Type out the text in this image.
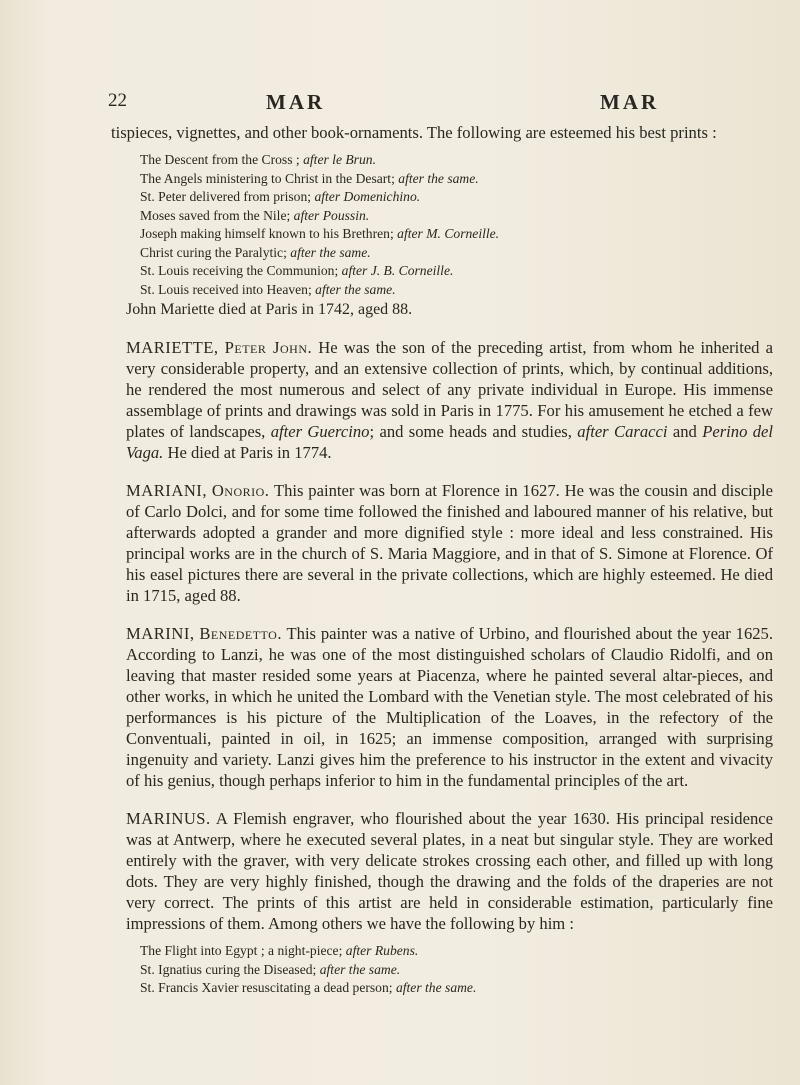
22	MAR	MAR

tispieces, vignettes, and other book-ornaments. The following are esteemed his best prints :

The Descent from the Cross ; after le Brun.
The Angels ministering to Christ in the Desart; after the same.
St. Peter delivered from prison; after Domenichino.
Moses saved from the Nile; after Poussin.
Joseph making himself known to his Brethren; after M. Corneille.
Christ curing the Paralytic; after the same.
St. Louis receiving the Communion; after J. B. Corneille.
St. Louis received into Heaven; after the same.

John Mariette died at Paris in 1742, aged 88.

MARIETTE, Peter John. He was the son of the preceding artist, from whom he inherited a very considerable property, and an extensive collection of prints, which, by continual additions, he rendered the most numerous and select of any private individual in Europe. His immense assemblage of prints and drawings was sold in Paris in 1775. For his amusement he etched a few plates of landscapes, after Guercino; and some heads and studies, after Caracci and Perino del Vaga. He died at Paris in 1774.

MARIANI, Onorio. This painter was born at Florence in 1627. He was the cousin and disciple of Carlo Dolci, and for some time followed the finished and laboured manner of his relative, but afterwards adopted a grander and more dignified style : more ideal and less constrained. His principal works are in the church of S. Maria Maggiore, and in that of S. Simone at Florence. Of his easel pictures there are several in the private collections, which are highly esteemed. He died in 1715, aged 88.

MARINI, Benedetto. This painter was a native of Urbino, and flourished about the year 1625. According to Lanzi, he was one of the most distinguished scholars of Claudio Ridolfi, and on leaving that master resided some years at Piacenza, where he painted several altar-pieces, and other works, in which he united the Lombard with the Venetian style. The most celebrated of his performances is his picture of the Multiplication of the Loaves, in the refectory of the Conventuali, painted in oil, in 1625; an immense composition, arranged with surprising ingenuity and variety. Lanzi gives him the preference to his instructor in the extent and vivacity of his genius, though perhaps inferior to him in the fundamental principles of the art.

MARINUS. A Flemish engraver, who flourished about the year 1630. His principal residence was at Antwerp, where he executed several plates, in a neat but singular style. They are worked entirely with the graver, with very delicate strokes crossing each other, and filled up with long dots. They are very highly finished, though the drawing and the folds of the draperies are not very correct. The prints of this artist are held in considerable estimation, particularly fine impressions of them. Among others we have the following by him :

The Flight into Egypt ; a night-piece; after Rubens.
St. Ignatius curing the Diseased; after the same.
St. Francis Xavier resuscitating a dead person; after the same.
